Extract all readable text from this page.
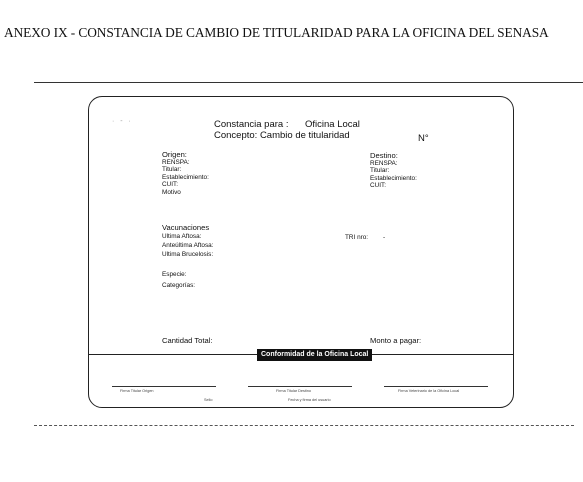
ANEXO IX - CONSTANCIA DE CAMBIO DE TITULARIDAD PARA LA OFICINA DEL SENASA
· - ·	Constancia para : Oficina Local
Concepto: Cambio de titularidad	N°
Origen:
RENSPA:
Titular:
Establecimiento:
CUIT:
Motivo
Destino:
RENSPA:
Titular:
Establecimiento:
CUIT:
Vacunaciones
Ultima Aftosa:
Anteúltima Aftosa:
Ultima Brucelosis:
TRI nro: -
Especie:
Categorías:
Cantidad Total:	Monto a pagar:
Conformidad de la Oficina Local
Firma Titular Origen	Firma Titular Destino	Firma Veterinario de la Oficina Local
Sello	Fecha y firma del usuario
